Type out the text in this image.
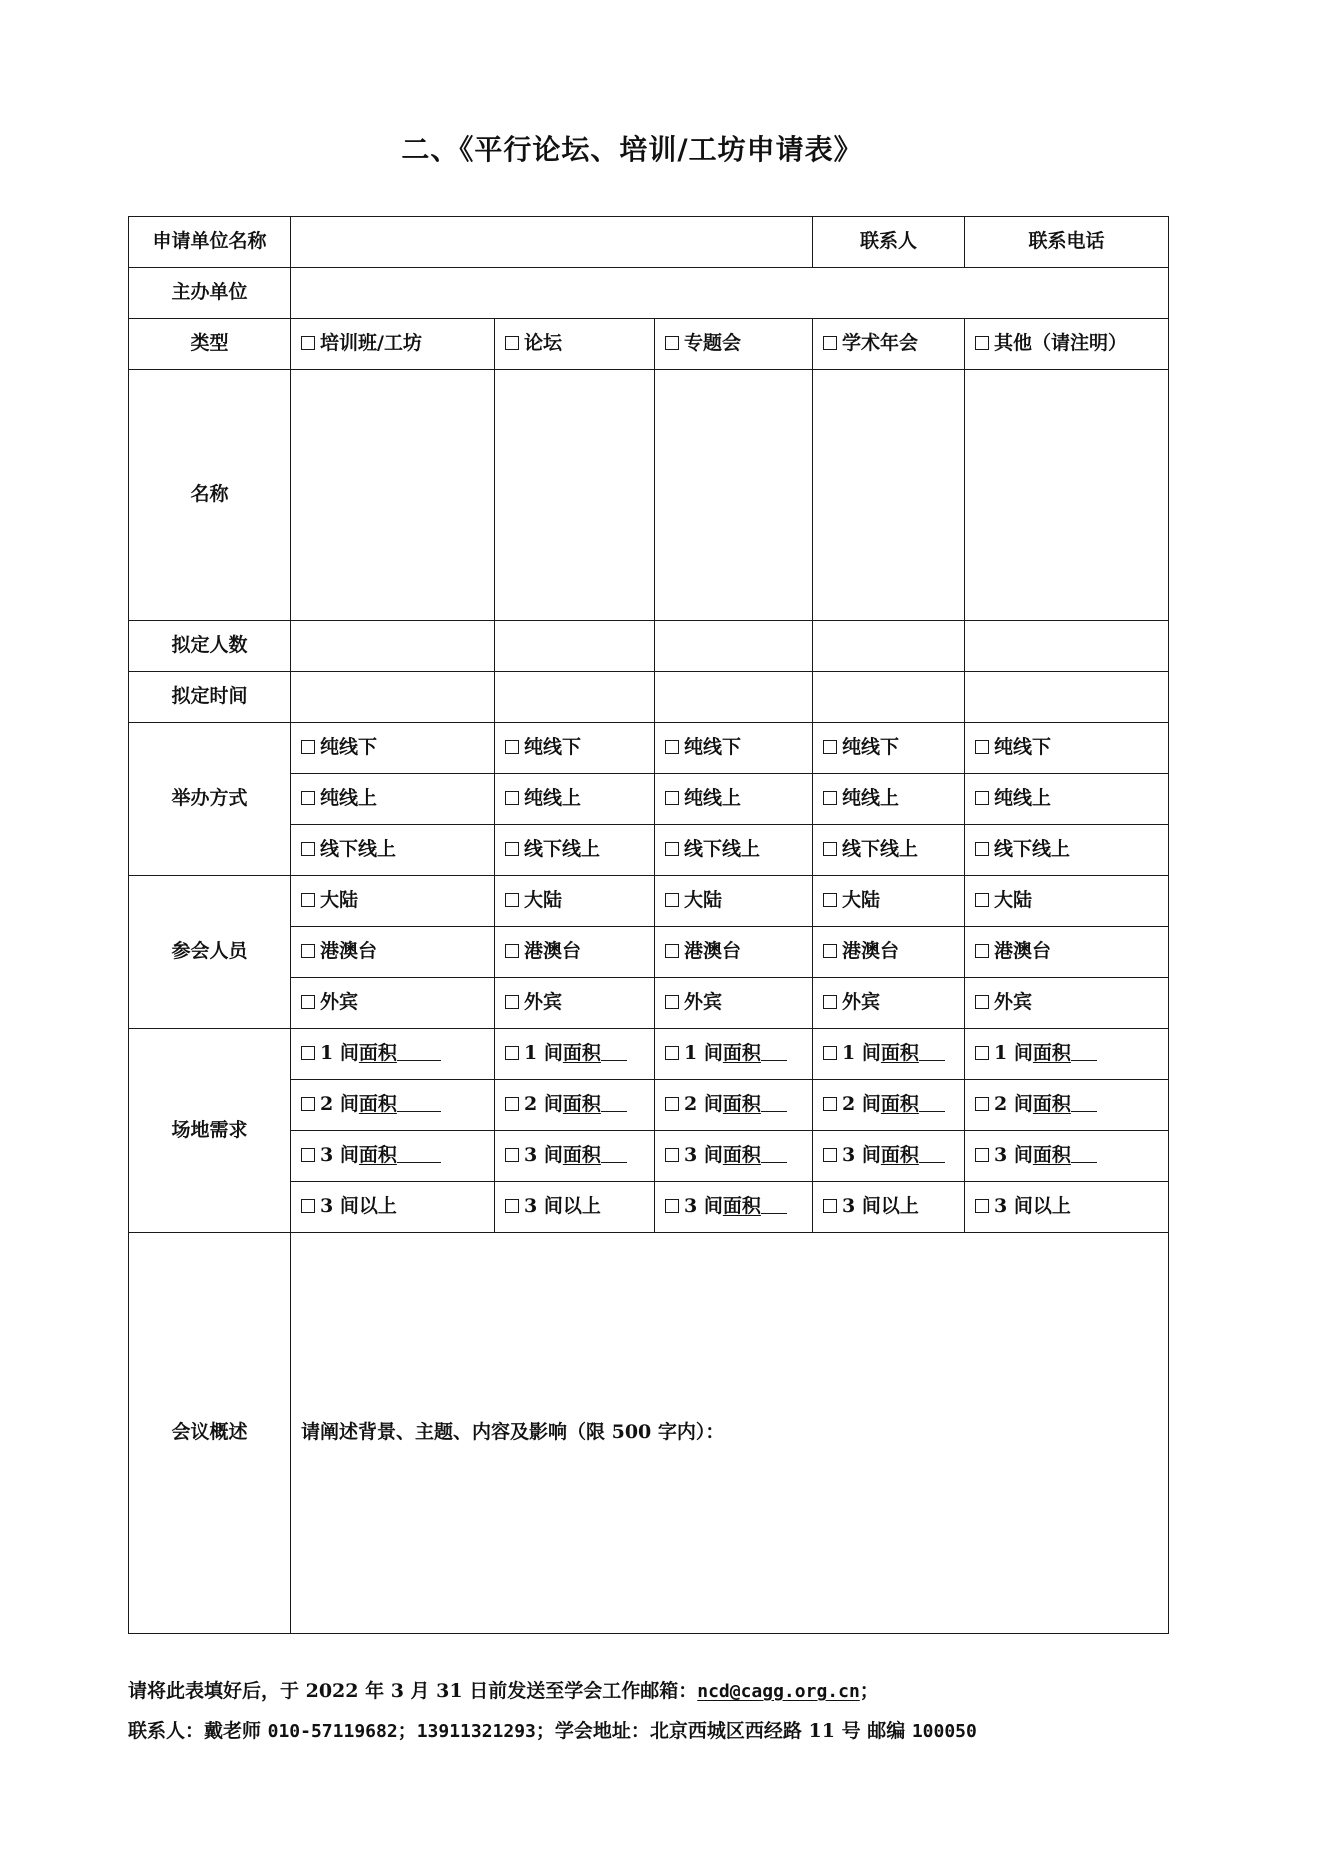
二、《平行论坛、培训/工坊申请表》
申请单位名称				联系人	联系电话
主办单位					
类型	培训班/工坊	论坛	专题会	学术年会	其他（请注明）
名称					
拟定人数					
拟定时间					
举办方式	纯线下	纯线下	纯线下	纯线下	纯线下
	纯线上	纯线上	纯线上	纯线上	纯线上
	线下线上	线下线上	线下线上	线下线上	线下线上
参会人员	大陆	大陆	大陆	大陆	大陆
	港澳台	港澳台	港澳台	港澳台	港澳台
	外宾	外宾	外宾	外宾	外宾
场地需求	1 间面积	1 间面积	1 间面积	1 间面积	1 间面积
	2 间面积	2 间面积	2 间面积	2 间面积	2 间面积
	3 间面积	3 间面积	3 间面积	3 间面积	3 间面积
	3 间以上	3 间以上	3 间面积	3 间以上	3 间以上
会议概述	请阐述背景、主题、内容及影响（限 500 字内）：				
请将此表填好后，于 2022 年 3 月 31 日前发送至学会工作邮箱：ncd@cagg.org.cn；
联系人：戴老师 010-57119682；13911321293；学会地址：北京西城区西经路 11 号 邮编 100050
